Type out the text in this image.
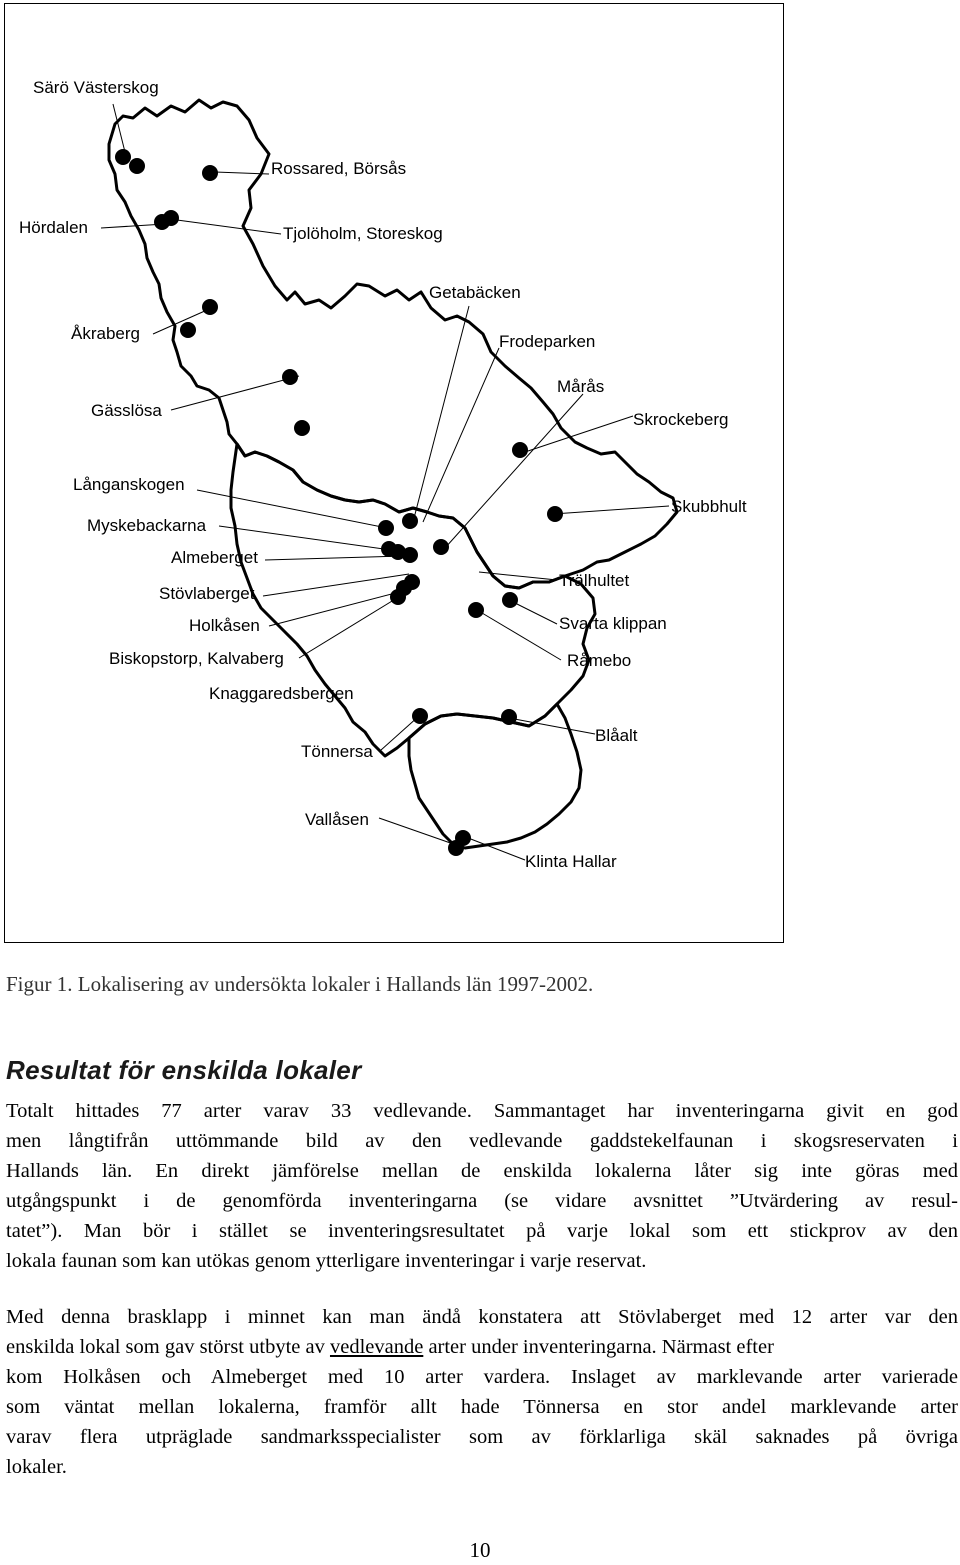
Särö Västerskog
Rossared, Börsås
Hördalen	Tjolöholm, Storeskog
Getabäcken
Åkraberg	Frodeparken
Mårås
Gässlösa	Skrockeberg
Långanskogen
Skubbhult
Myskebackarna
Almeberget
Trälhultet
Stövlaberget
Holkåsen	Svarta klippan
Biskopstorp, Kalvaberg	Råmebo
Knaggaredsbergen
Blåalt
Tönnersa
Vallåsen
Klinta Hallar
Figur 1. Lokalisering av undersökta lokaler i Hallands län 1997-2002.
Resultat för enskilda lokaler

Totalt hittades 77 arter varav 33 vedlevande. Sammantaget har inventeringarna givit en god
men långtifrån uttömmande bild av den vedlevande gaddstekelfaunan i skogsreservaten i
Hallands län. En direkt jämförelse mellan de enskilda lokalerna låter sig inte göras med
utgångspunkt i de genomförda inventeringarna (se vidare avsnittet ”Utvärdering av resul-
tatet”). Man bör i stället se inventeringsresultatet på varje lokal som ett stickprov av den
lokala faunan som kan utökas genom ytterligare inventeringar i varje reservat.

Med denna brasklapp i minnet kan man ändå konstatera att Stövlaberget med 12 arter var den
enskilda lokal som gav störst utbyte av vedlevande arter under inventeringarna. Närmast efter
kom Holkåsen och Almeberget med 10 arter vardera. Inslaget av marklevande arter varierade
som väntat mellan lokalerna, framför allt hade Tönnersa en stor andel marklevande arter
varav flera utpräglade sandmarksspecialister som av förklarliga skäl saknades på övriga
lokaler.

10
